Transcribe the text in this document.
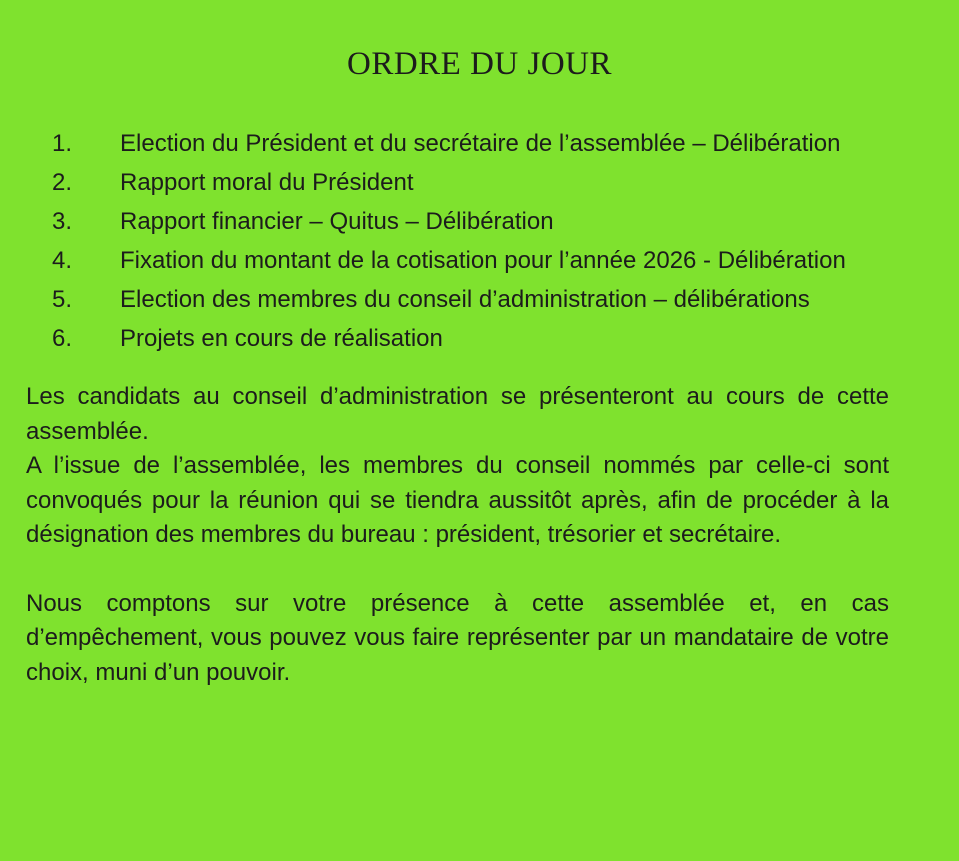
ORDRE DU JOUR
1.	Election du Président et du secrétaire de l’assemblée – Délibération
2.	Rapport moral du Président
3.	Rapport financier – Quitus – Délibération
4.	Fixation du montant de la cotisation pour l’année 2026 - Délibération
5.	Election des membres du conseil d’administration – délibérations
6.	Projets en cours de réalisation

Les candidats au conseil d’administration se présenteront au cours de cette assemblée.

A l’issue de l’assemblée, les membres du conseil nommés par celle-ci sont convoqués pour la réunion qui se tiendra aussitôt après, afin de procéder à la désignation des membres du bureau : président, trésorier et secrétaire.

Nous comptons sur votre présence à cette assemblée et, en cas d’empêchement, vous pouvez vous faire représenter par un mandataire de votre choix, muni d’un pouvoir.
